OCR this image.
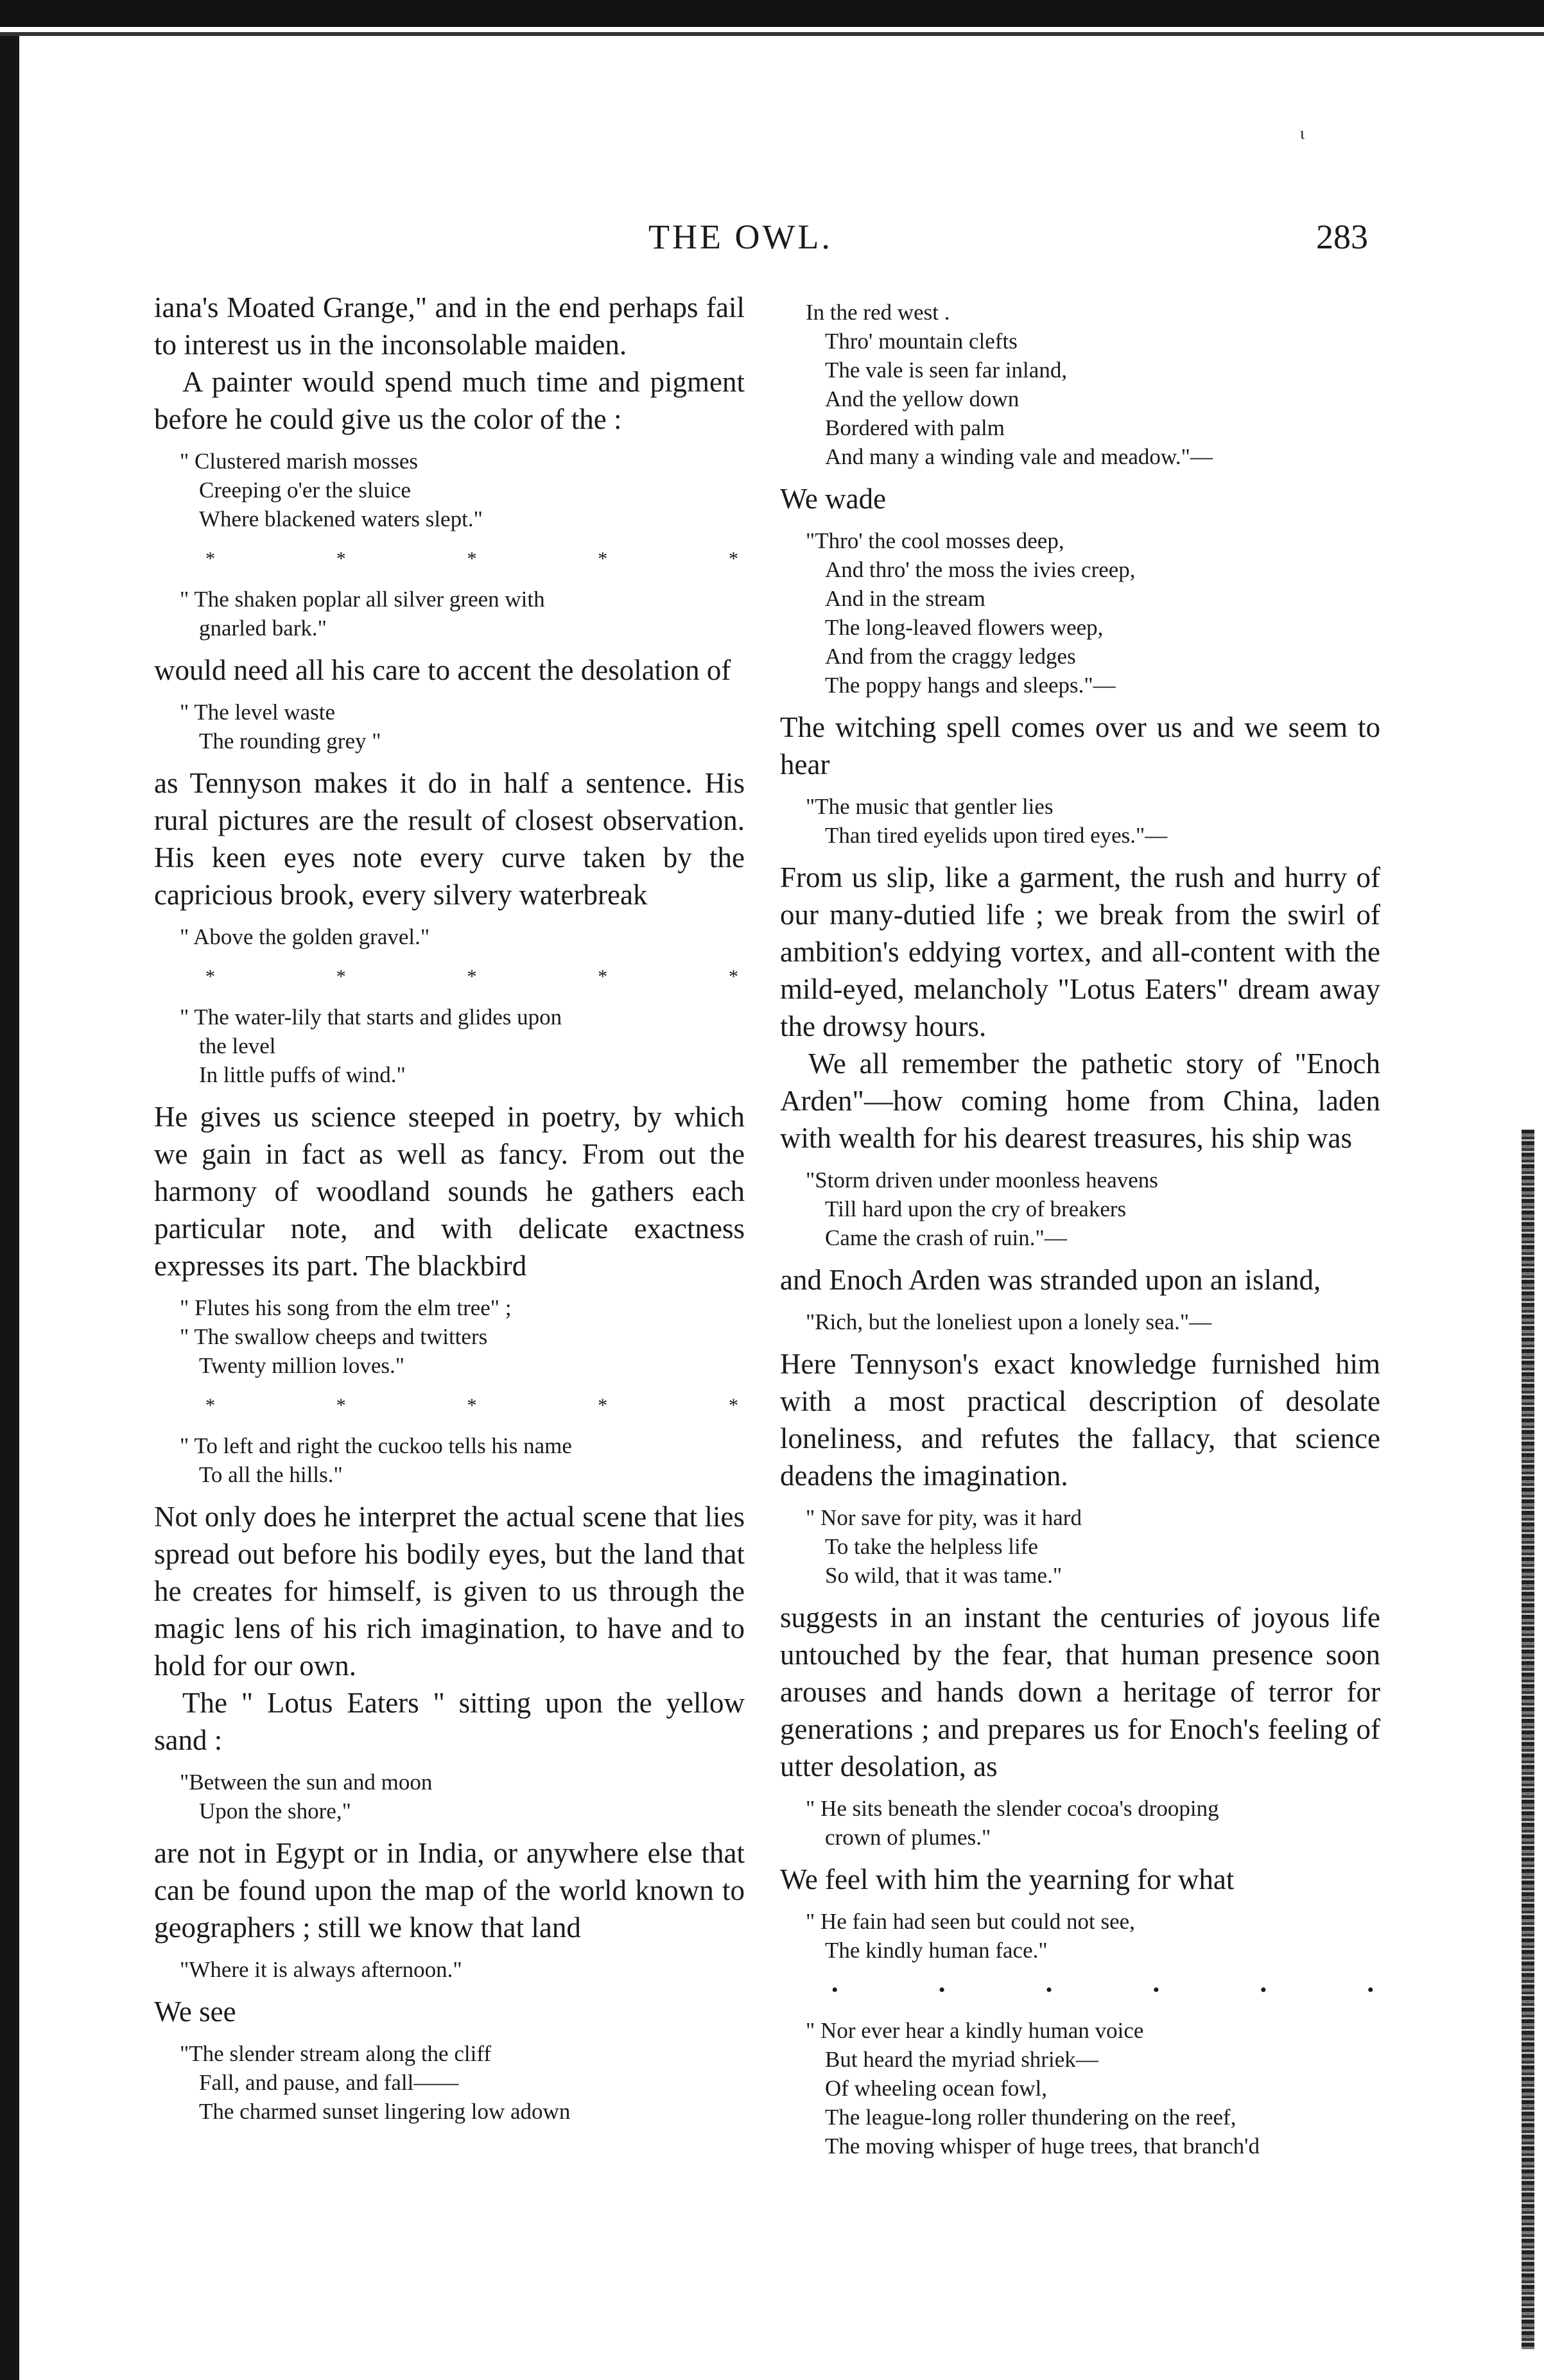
ι
THE OWL.	283

iana's Moated Grange," and in the end perhaps fail to interest us in the inconsolable maiden.

A painter would spend much time and pigment before he could give us the color of the :

" Clustered marish mosses
Creeping o'er the sluice
Where blackened waters slept."
*	*	*	*	*
" The shaken poplar all silver green with
gnarled bark."

would need all his care to accent the desolation of

" The level waste
The rounding grey "

as Tennyson makes it do in half a sentence. His rural pictures are the result of closest observation. His keen eyes note every curve taken by the capricious brook, every silvery waterbreak

" Above the golden gravel."
*	*	*	*	*
" The water-lily that starts and glides upon
the level
In little puffs of wind."

He gives us science steeped in poetry, by which we gain in fact as well as fancy. From out the harmony of woodland sounds he gathers each particular note, and with delicate exactness expresses its part. The blackbird

" Flutes his song from the elm tree" ;
" The swallow cheeps and twitters
Twenty million loves."
*	*	*	*	*
" To left and right the cuckoo tells his name
To all the hills."

Not only does he interpret the actual scene that lies spread out before his bodily eyes, but the land that he creates for himself, is given to us through the magic lens of his rich imagination, to have and to hold for our own.

The " Lotus Eaters " sitting upon the yellow sand :

"Between the sun and moon
Upon the shore,"

are not in Egypt or in India, or anywhere else that can be found upon the map of the world known to geographers ; still we know that land

"Where it is always afternoon."

We see

"The slender stream along the cliff
Fall, and pause, and fall——
The charmed sunset lingering low adown
In the red west .
Thro' mountain clefts
The vale is seen far inland,
And the yellow down
Bordered with palm
And many a winding vale and meadow."—

We wade

"Thro' the cool mosses deep,
And thro' the moss the ivies creep,
And in the stream
The long-leaved flowers weep,
And from the craggy ledges
The poppy hangs and sleeps."—

The witching spell comes over us and we seem to hear

"The music that gentler lies
Than tired eyelids upon tired eyes."—

From us slip, like a garment, the rush and hurry of our many-dutied life ; we break from the swirl of ambition's eddying vortex, and all-content with the mild-eyed, melancholy "Lotus Eaters" dream away the drowsy hours.

We all remember the pathetic story of "Enoch Arden"—how coming home from China, laden with wealth for his dearest treasures, his ship was

"Storm driven under moonless heavens
Till hard upon the cry of breakers
Came the crash of ruin."—

and Enoch Arden was stranded upon an island,

"Rich, but the loneliest upon a lonely sea."—

Here Tennyson's exact knowledge furnished him with a most practical description of desolate loneliness, and refutes the fallacy, that science deadens the imagination.

" Nor save for pity, was it hard
To take the helpless life
So wild, that it was tame."

suggests in an instant the centuries of joyous life untouched by the fear, that human presence soon arouses and hands down a heritage of terror for generations ; and prepares us for Enoch's feeling of utter desolation, as

" He sits beneath the slender cocoa's drooping
crown of plumes."

We feel with him the yearning for what

" He fain had seen but could not see,
The kindly human face."
•	•	•	•	•	•
" Nor ever hear a kindly human voice
But heard the myriad shriek—
Of wheeling ocean fowl,
The league-long roller thundering on the reef,
The moving whisper of huge trees, that branch'd
